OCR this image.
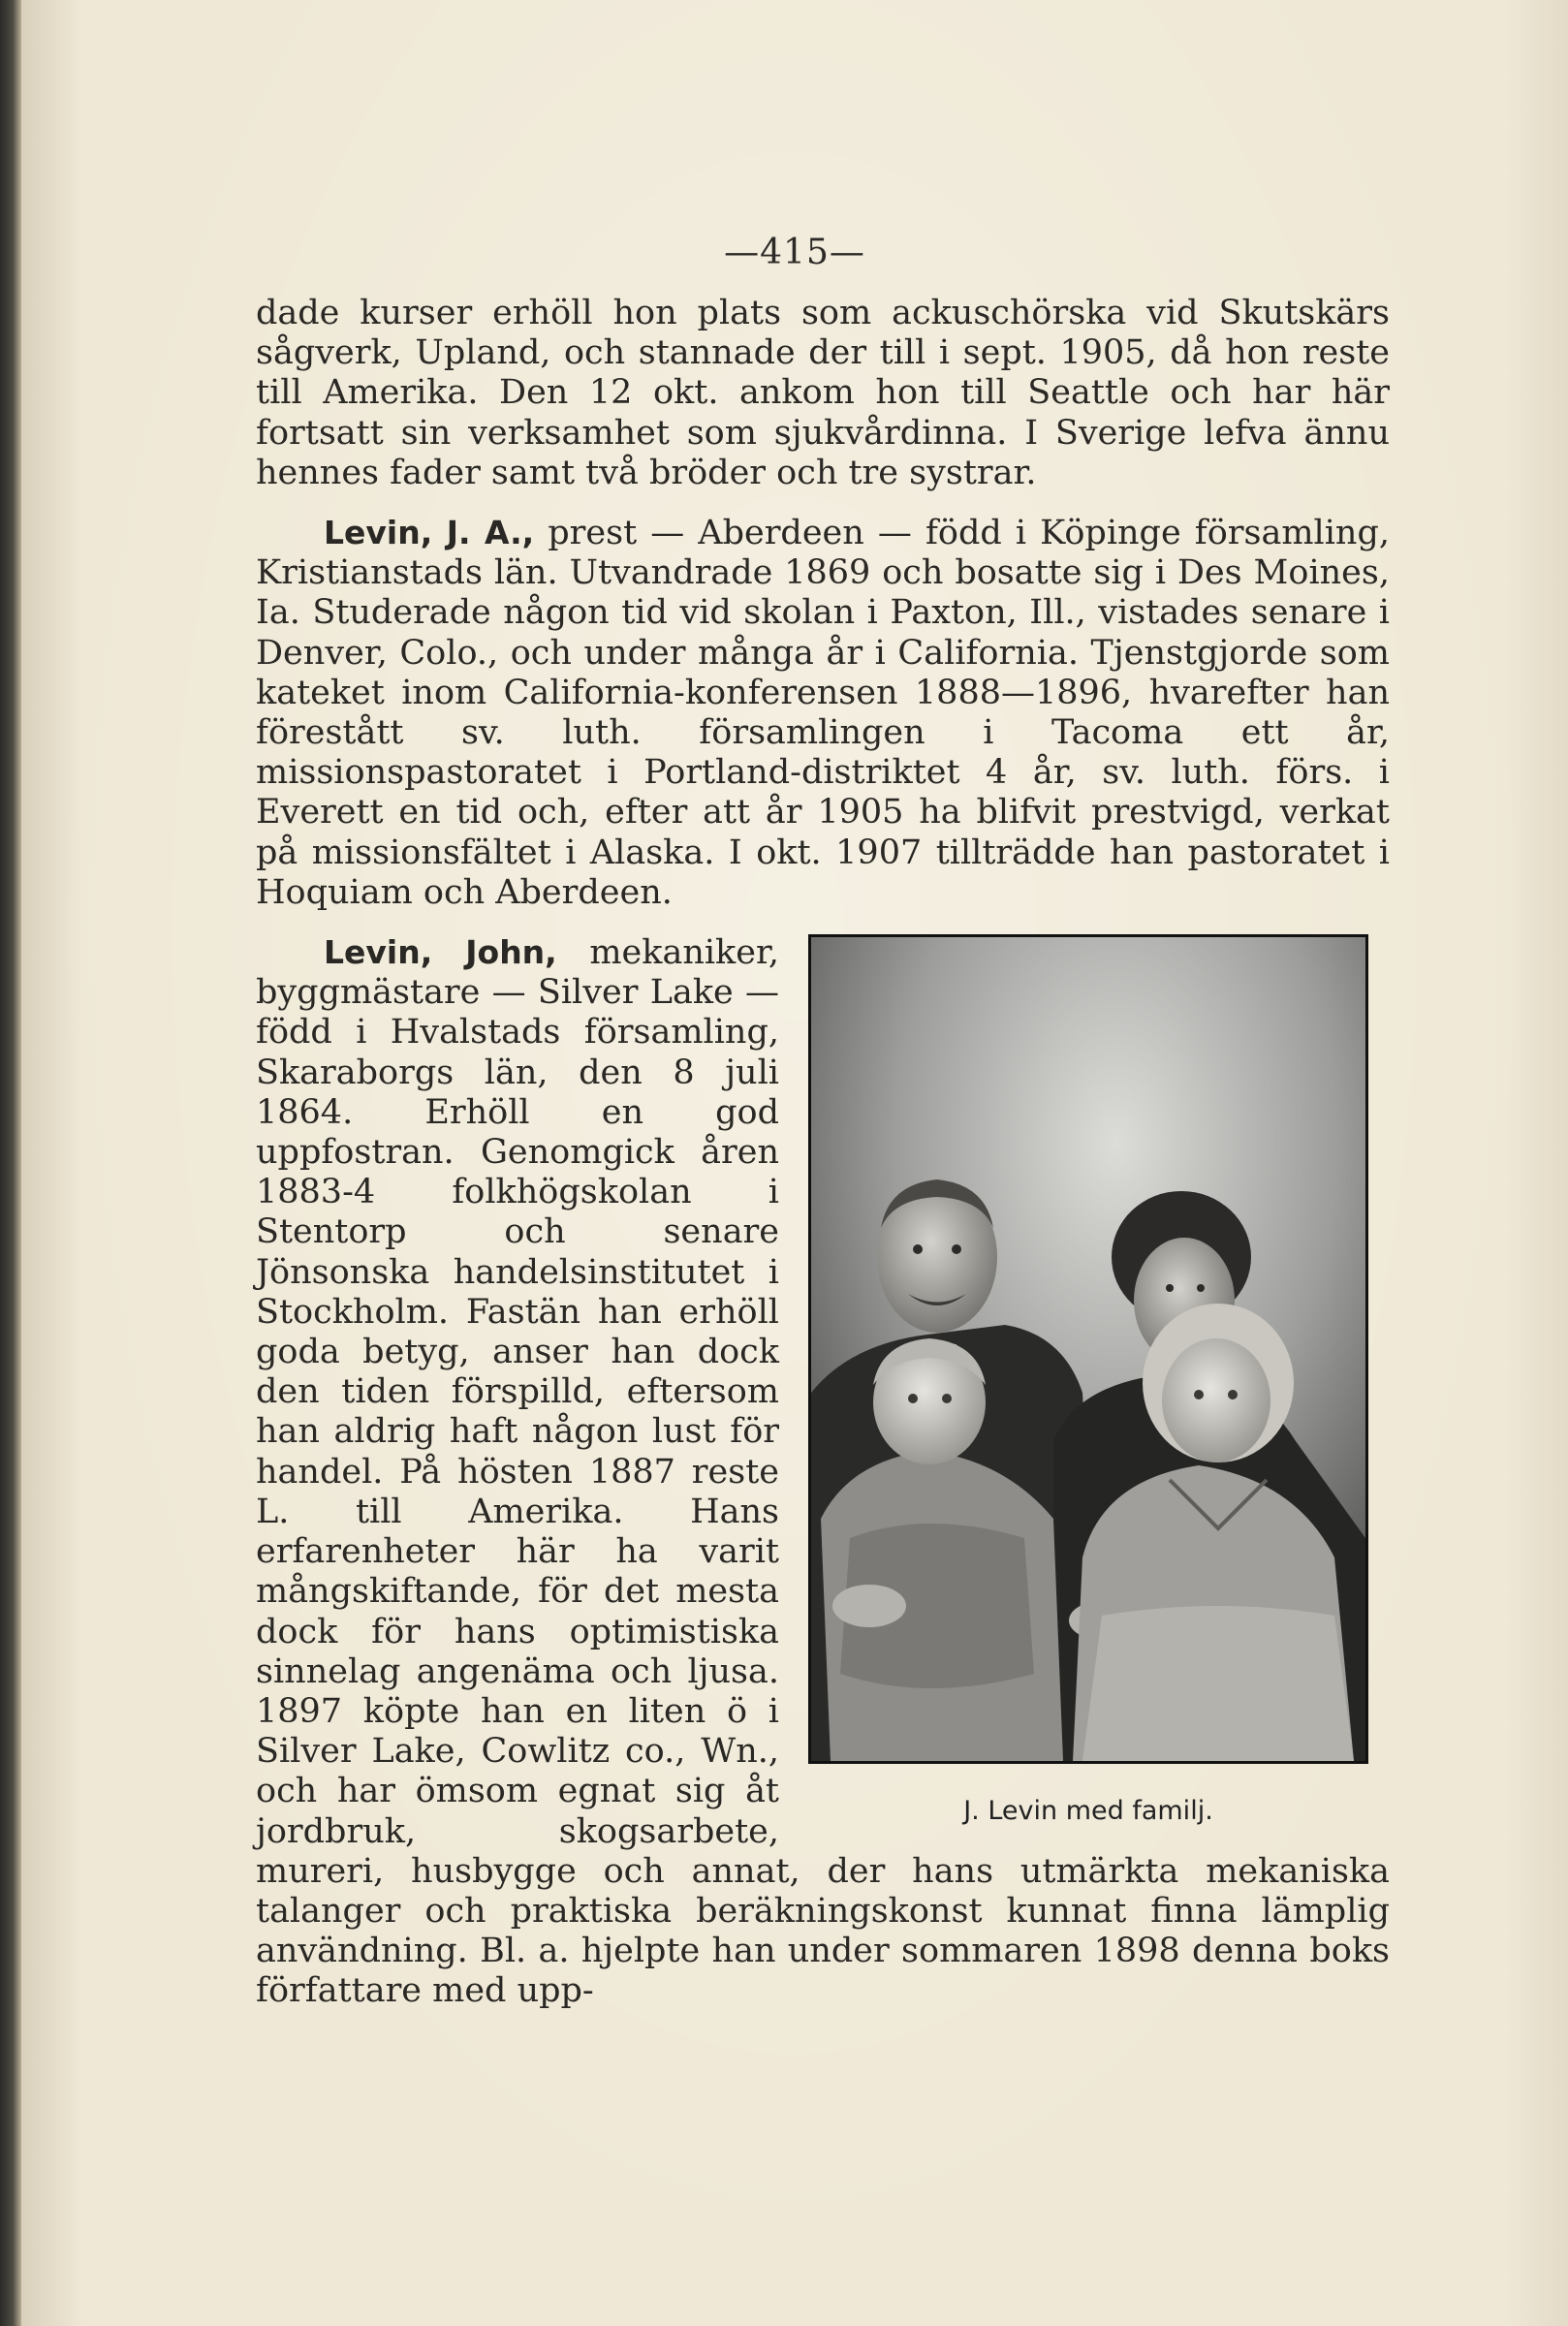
—415—

dade kurser erhöll hon plats som ackuschörska vid Skutskärs sågverk, Upland, och stannade der till i sept. 1905, då hon reste till Amerika. Den 12 okt. ankom hon till Seattle och har här fortsatt sin verksamhet som sjukvårdinna. I Sverige lefva ännu hennes fader samt två bröder och tre systrar.

Levin, J. A., prest — Aberdeen — född i Köpinge församling, Kristianstads län. Utvandrade 1869 och bosatte sig i Des Moines, Ia. Studerade någon tid vid skolan i Paxton, Ill., vistades senare i Denver, Colo., och under många år i California. Tjenstgjorde som kateket inom California-konferensen 1888—1896, hvarefter han förestått sv. luth. församlingen i Tacoma ett år, missionspastoratet i Portland-distriktet 4 år, sv. luth. förs. i Everett en tid och, efter att år 1905 ha blifvit prestvigd, verkat på missionsfältet i Alaska. I okt. 1907 tillträdde han pastoratet i Hoquiam och Aberdeen.

J. Levin med familj.

Levin, John, mekaniker, byggmästare — Silver Lake — född i Hvalstads församling, Skaraborgs län, den 8 juli 1864. Erhöll en god uppfostran. Genomgick åren 1883-4 folkhögskolan i Stentorp och senare Jönsonska handelsinstitutet i Stockholm. Fastän han erhöll goda betyg, anser han dock den tiden förspilld, eftersom han aldrig haft någon lust för handel. På hösten 1887 reste L. till Amerika. Hans erfarenheter här ha varit mångskiftande, för det mesta dock för hans optimistiska sinnelag angenäma och ljusa. 1897 köpte han en liten ö i Silver Lake, Cowlitz co., Wn., och har ömsom egnat sig åt jordbruk, skogsarbete, mureri, husbygge och annat, der hans utmärkta mekaniska talanger och praktiska beräkningskonst kunnat finna lämplig användning. Bl. a. hjelpte han under sommaren 1898 denna boks författare med upp-
